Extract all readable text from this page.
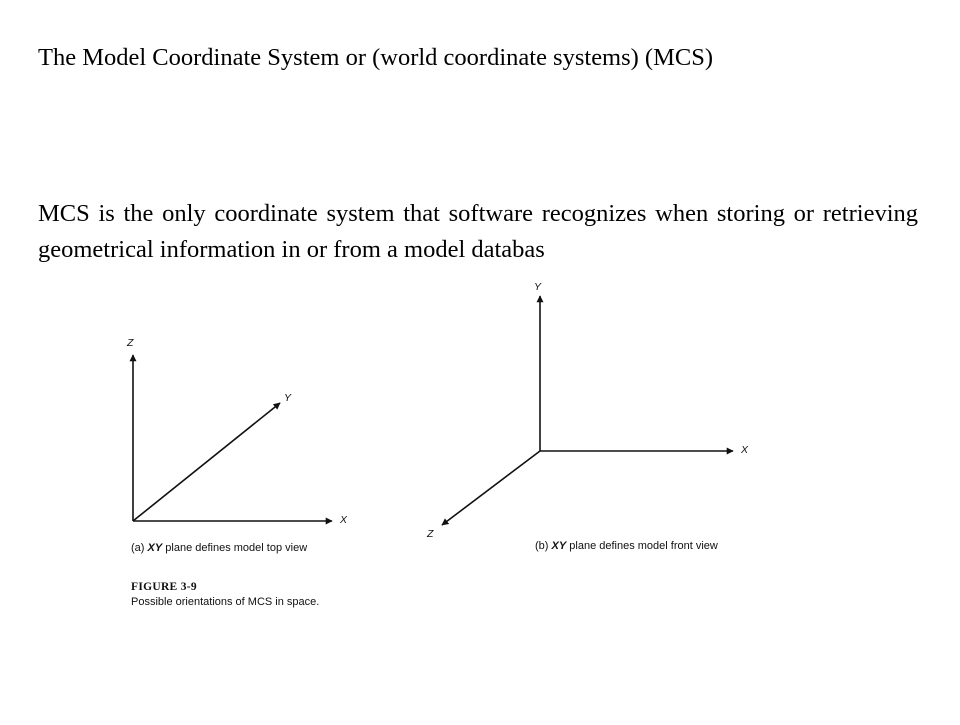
The Model Coordinate System or (world coordinate systems) (MCS)

MCS is the only coordinate system that software recognizes when storing or retrieving geometrical information in or from a model databas

Z
Y
X
(a) XY plane defines model top view
Y
X
Z
(b) XY plane defines model front view
FIGURE 3-9
Possible orientations of MCS in space.
